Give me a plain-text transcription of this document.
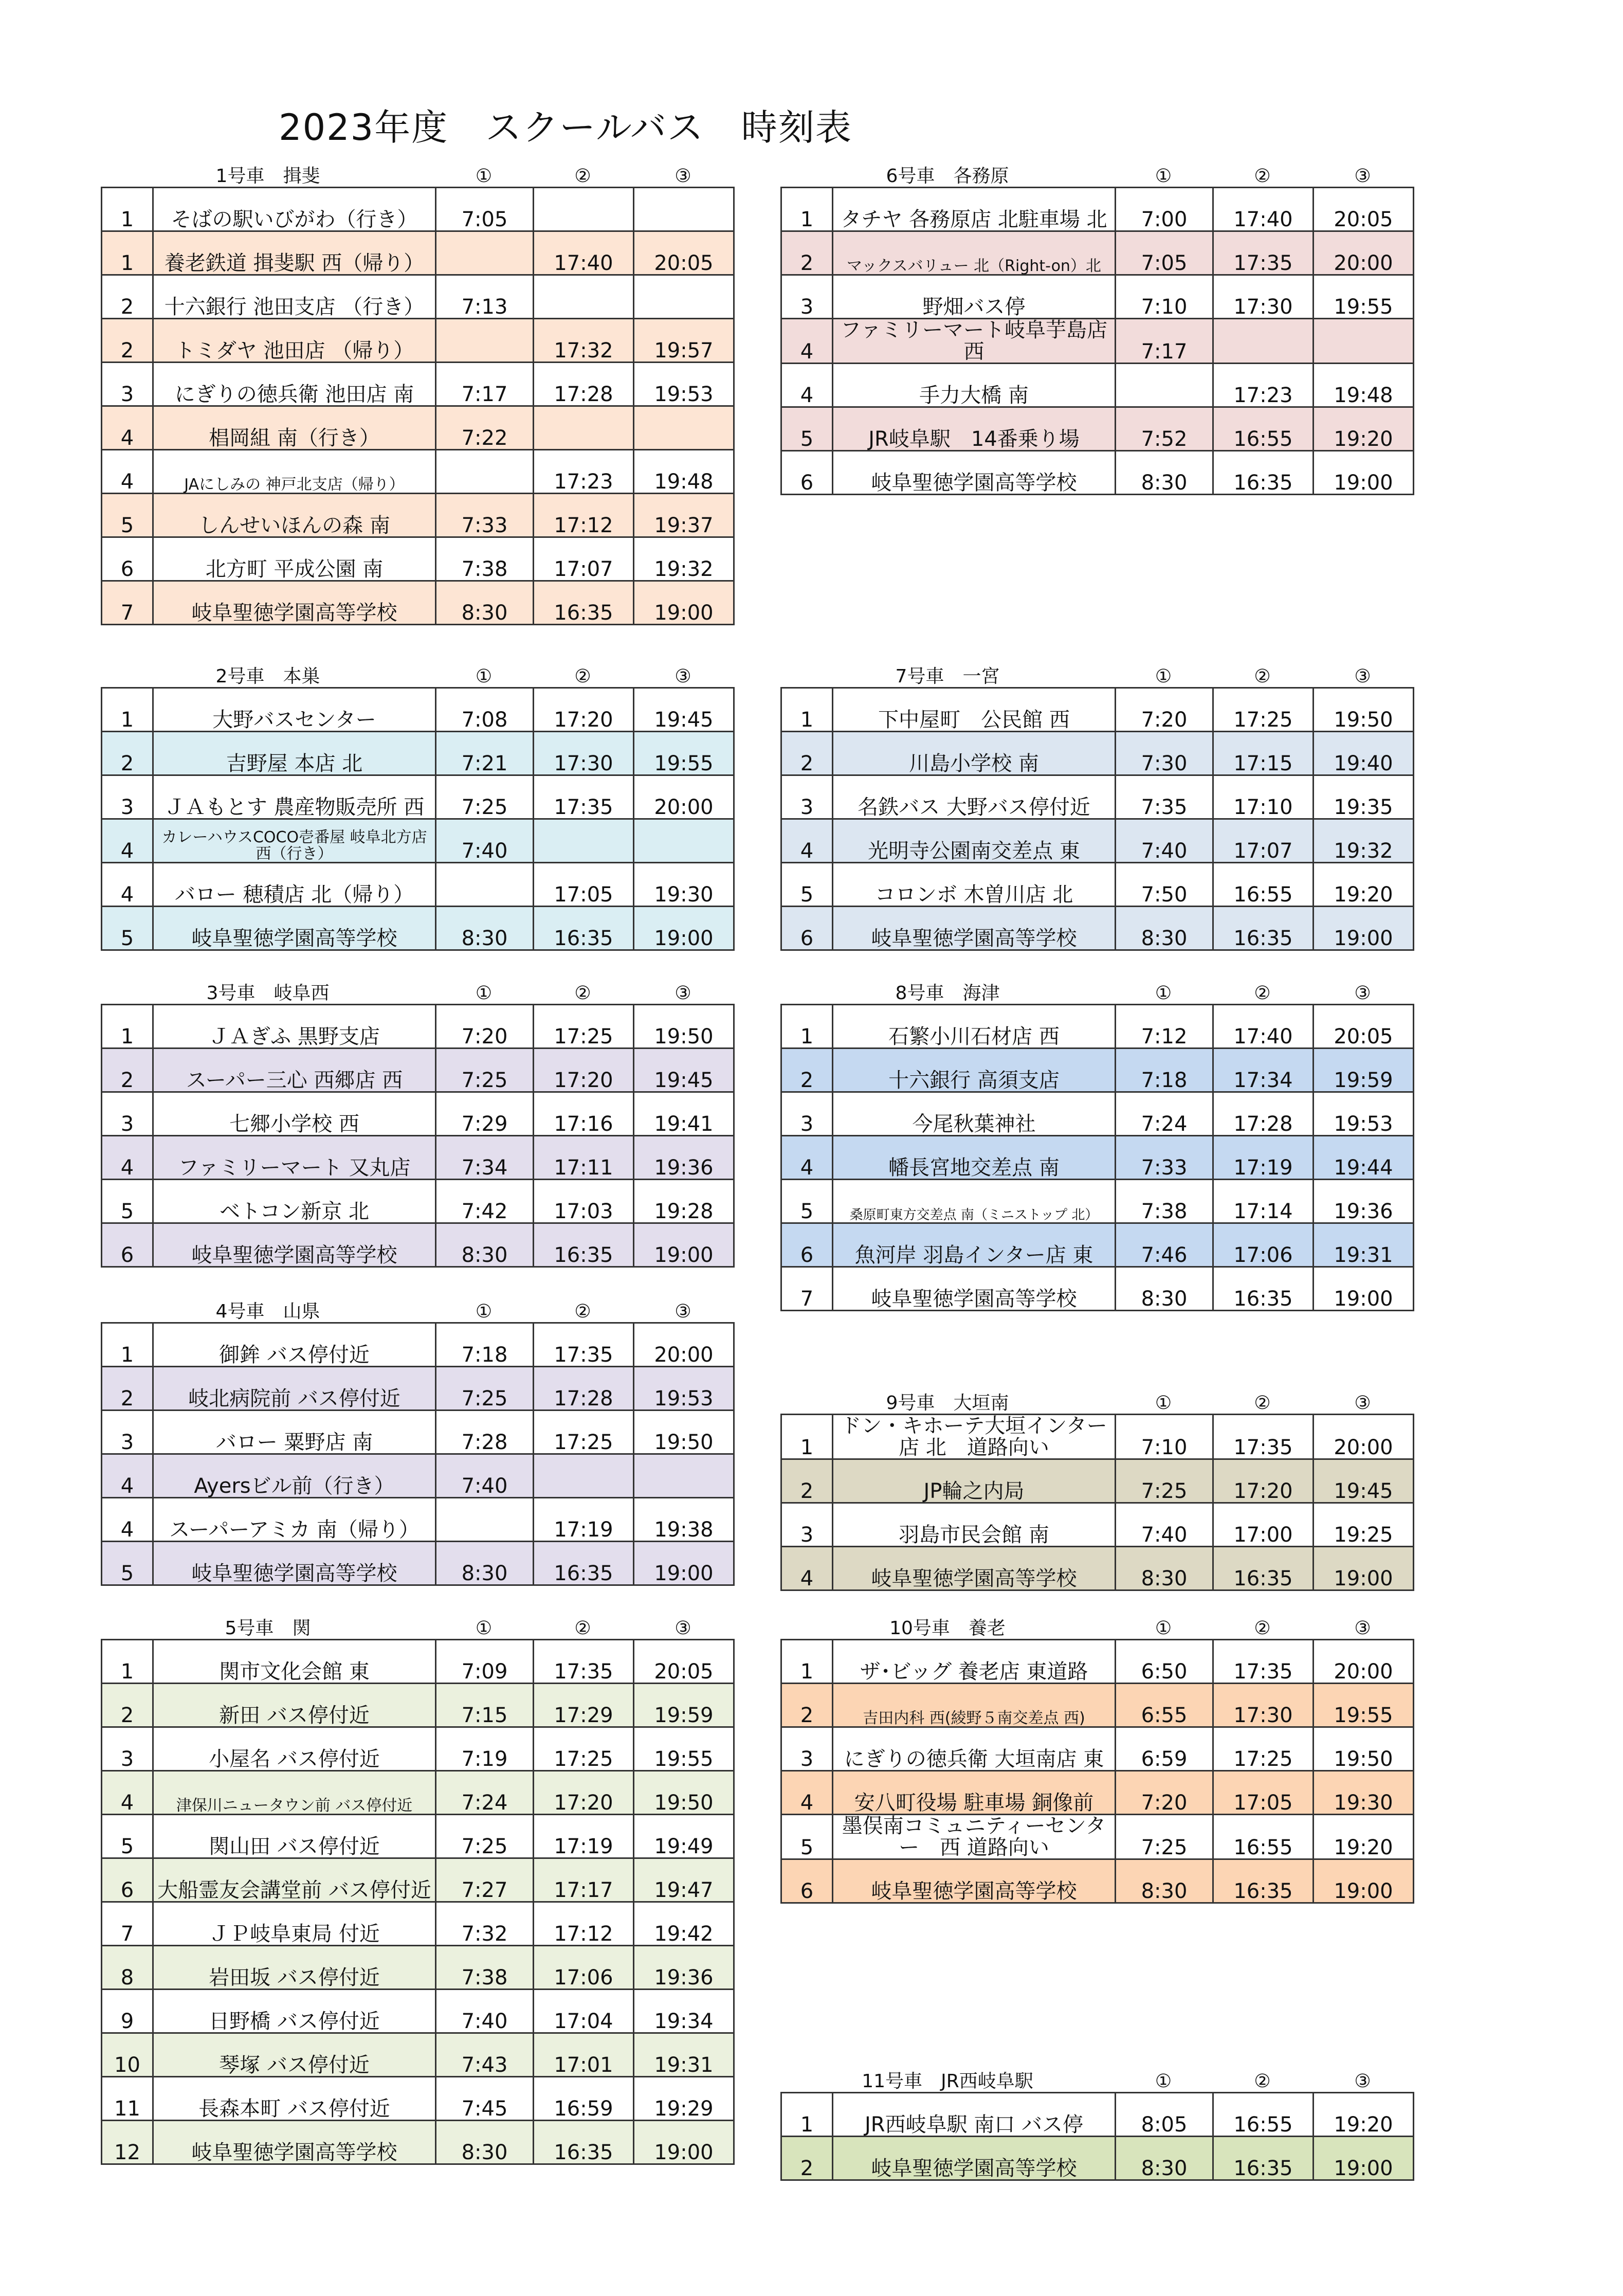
2023年度　スクールバス　時刻表
1号車　揖斐	①	②	③
1	そばの駅いびがわ（行き）	7:05		
1	養老鉄道 揖斐駅 西（帰り）		17:40	20:05
2	十六銀行 池田支店 （行き）	7:13		
2	トミダヤ 池田店 （帰り）		17:32	19:57
3	にぎりの徳兵衛 池田店 南	7:17	17:28	19:53
4	椙岡組 南（行き）	7:22		
4	JAにしみの 神戸北支店（帰り）		17:23	19:48
5	しんせいほんの森 南	7:33	17:12	19:37
6	北方町 平成公園 南	7:38	17:07	19:32
7	岐阜聖徳学園高等学校	8:30	16:35	19:00
2号車　本巣	①	②	③
1	大野バスセンター	7:08	17:20	19:45
2	吉野屋 本店 北	7:21	17:30	19:55
3	ＪＡもとす 農産物販売所 西	7:25	17:35	20:00
4	カレーハウスCOCO壱番屋 岐阜北方店　西（行き）	7:40		
4	バロー 穂積店 北（帰り）		17:05	19:30
5	岐阜聖徳学園高等学校	8:30	16:35	19:00
3号車　岐阜西	①	②	③
1	ＪＡぎふ 黒野支店	7:20	17:25	19:50
2	スーパー三心 西郷店 西	7:25	17:20	19:45
3	七郷小学校 西	7:29	17:16	19:41
4	ファミリーマート 又丸店	7:34	17:11	19:36
5	ベトコン新京 北	7:42	17:03	19:28
6	岐阜聖徳学園高等学校	8:30	16:35	19:00
4号車　山県	①	②	③
1	御鉾 バス停付近	7:18	17:35	20:00
2	岐北病院前 バス停付近	7:25	17:28	19:53
3	バロー 粟野店 南	7:28	17:25	19:50
4	Ayersビル前（行き）	7:40		
4	スーパーアミカ 南（帰り）		17:19	19:38
5	岐阜聖徳学園高等学校	8:30	16:35	19:00
5号車　関	①	②	③
1	関市文化会館 東	7:09	17:35	20:05
2	新田 バス停付近	7:15	17:29	19:59
3	小屋名 バス停付近	7:19	17:25	19:55
4	津保川ニュータウン前 バス停付近	7:24	17:20	19:50
5	関山田 バス停付近	7:25	17:19	19:49
6	大船霊友会講堂前 バス停付近	7:27	17:17	19:47
7	ＪＰ岐阜東局 付近	7:32	17:12	19:42
8	岩田坂 バス停付近	7:38	17:06	19:36
9	日野橋 バス停付近	7:40	17:04	19:34
10	琴塚 バス停付近	7:43	17:01	19:31
11	長森本町 バス停付近	7:45	16:59	19:29
12	岐阜聖徳学園高等学校	8:30	16:35	19:00
6号車　各務原	①	②	③
1	タチヤ 各務原店 北駐車場 北	7:00	17:40	20:05
2	マックスバリュー 北（Right-on）北	7:05	17:35	20:00
3	野畑バス停	7:10	17:30	19:55
4	ファミリーマート岐阜芋島店 西	7:17		
4	手力大橋 南		17:23	19:48
5	JR岐阜駅　14番乗り場	7:52	16:55	19:20
6	岐阜聖徳学園高等学校	8:30	16:35	19:00
7号車　一宮	①	②	③
1	下中屋町　公民館 西	7:20	17:25	19:50
2	川島小学校 南	7:30	17:15	19:40
3	名鉄バス 大野バス停付近	7:35	17:10	19:35
4	光明寺公園南交差点 東	7:40	17:07	19:32
5	コロンボ 木曽川店 北	7:50	16:55	19:20
6	岐阜聖徳学園高等学校	8:30	16:35	19:00
8号車　海津	①	②	③
1	石繁小川石材店 西	7:12	17:40	20:05
2	十六銀行 高須支店	7:18	17:34	19:59
3	今尾秋葉神社	7:24	17:28	19:53
4	幡長宮地交差点 南	7:33	17:19	19:44
5	桑原町東方交差点 南（ミニストップ 北）	7:38	17:14	19:36
6	魚河岸 羽島インター店 東	7:46	17:06	19:31
7	岐阜聖徳学園高等学校	8:30	16:35	19:00
9号車　大垣南	①	②	③
1	ドン・キホーテ大垣インター店 北　道路向い	7:10	17:35	20:00
2	JP輪之内局	7:25	17:20	19:45
3	羽島市民会館 南	7:40	17:00	19:25
4	岐阜聖徳学園高等学校	8:30	16:35	19:00
10号車　養老	①	②	③
1	ザ･ビッグ 養老店 東道路	6:50	17:35	20:00
2	吉田内科 西(綾野５南交差点 西)	6:55	17:30	19:55
3	にぎりの徳兵衛 大垣南店 東	6:59	17:25	19:50
4	安八町役場 駐車場 銅像前	7:20	17:05	19:30
5	墨俣南コミュニティーセンター　西 道路向い	7:25	16:55	19:20
6	岐阜聖徳学園高等学校	8:30	16:35	19:00
11号車　JR西岐阜駅	①	②	③
1	JR西岐阜駅 南口 バス停	8:05	16:55	19:20
2	岐阜聖徳学園高等学校	8:30	16:35	19:00
